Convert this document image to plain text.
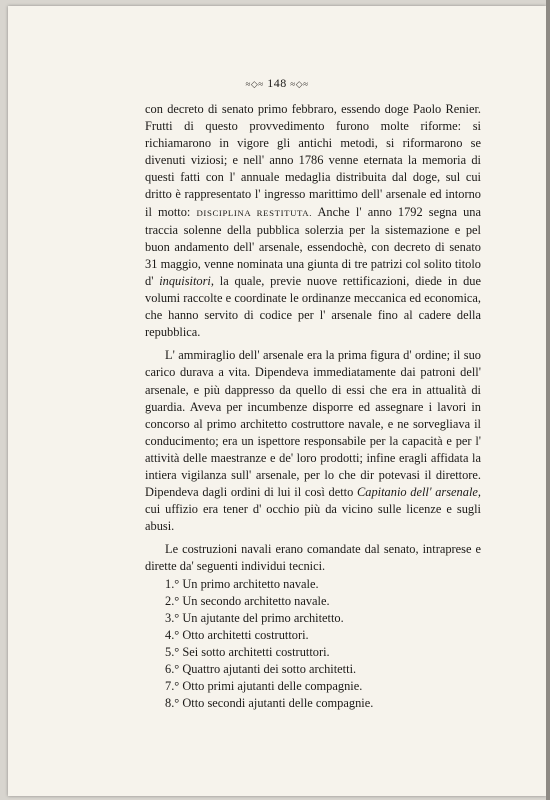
≈◇≈ 148 ≈◇≈

con decreto di senato primo febbraro, essendo doge Paolo Renier. Frutti di questo provvedimento furono molte riforme: si richiamarono in vigore gli antichi metodi, si riformarono se divenuti viziosi; e nell' anno 1786 venne eternata la memoria di questi fatti con l' annuale medaglia distribuita dal doge, sul cui dritto è rappresentato l' ingresso marittimo dell' arsenale ed intorno il motto: DISCIPLINA RESTITUTA. Anche l' anno 1792 segna una traccia solenne della pubblica solerzia per la sistemazione e pel buon andamento dell' arsenale, essendochè, con decreto di senato 31 maggio, venne nominata una giunta di tre patrizi col solito titolo d' inquisitori, la quale, previe nuove rettificazioni, diede in due volumi raccolte e coordinate le ordinanze meccanica ed economica, che hanno servito di codice per l' arsenale fino al cadere della repubblica.

L' ammiraglio dell' arsenale era la prima figura d' ordine; il suo carico durava a vita. Dipendeva immediatamente dai patroni dell' arsenale, e più dappresso da quello di essi che era in attualità di guardia. Aveva per incumbenze disporre ed assegnare i lavori in concorso al primo architetto costruttore navale, e ne sorvegliava il conducimento; era un ispettore responsabile per la capacità e per l' attività delle maestranze e de' loro prodotti; infine eragli affidata la intiera vigilanza sull' arsenale, per lo che dir potevasi il direttore. Dipendeva dagli ordini di lui il così detto Capitanio dell' arsenale, cui uffizio era tener d' occhio più da vicino sulle licenze e sugli abusi.

Le costruzioni navali erano comandate dal senato, intraprese e dirette da' seguenti individui tecnici.

1.° Un primo architetto navale.
2.° Un secondo architetto navale.
3.° Un ajutante del primo architetto.
4.° Otto architetti costruttori.
5.° Sei sotto architetti costruttori.
6.° Quattro ajutanti dei sotto architetti.
7.° Otto primi ajutanti delle compagnie.
8.° Otto secondi ajutanti delle compagnie.
